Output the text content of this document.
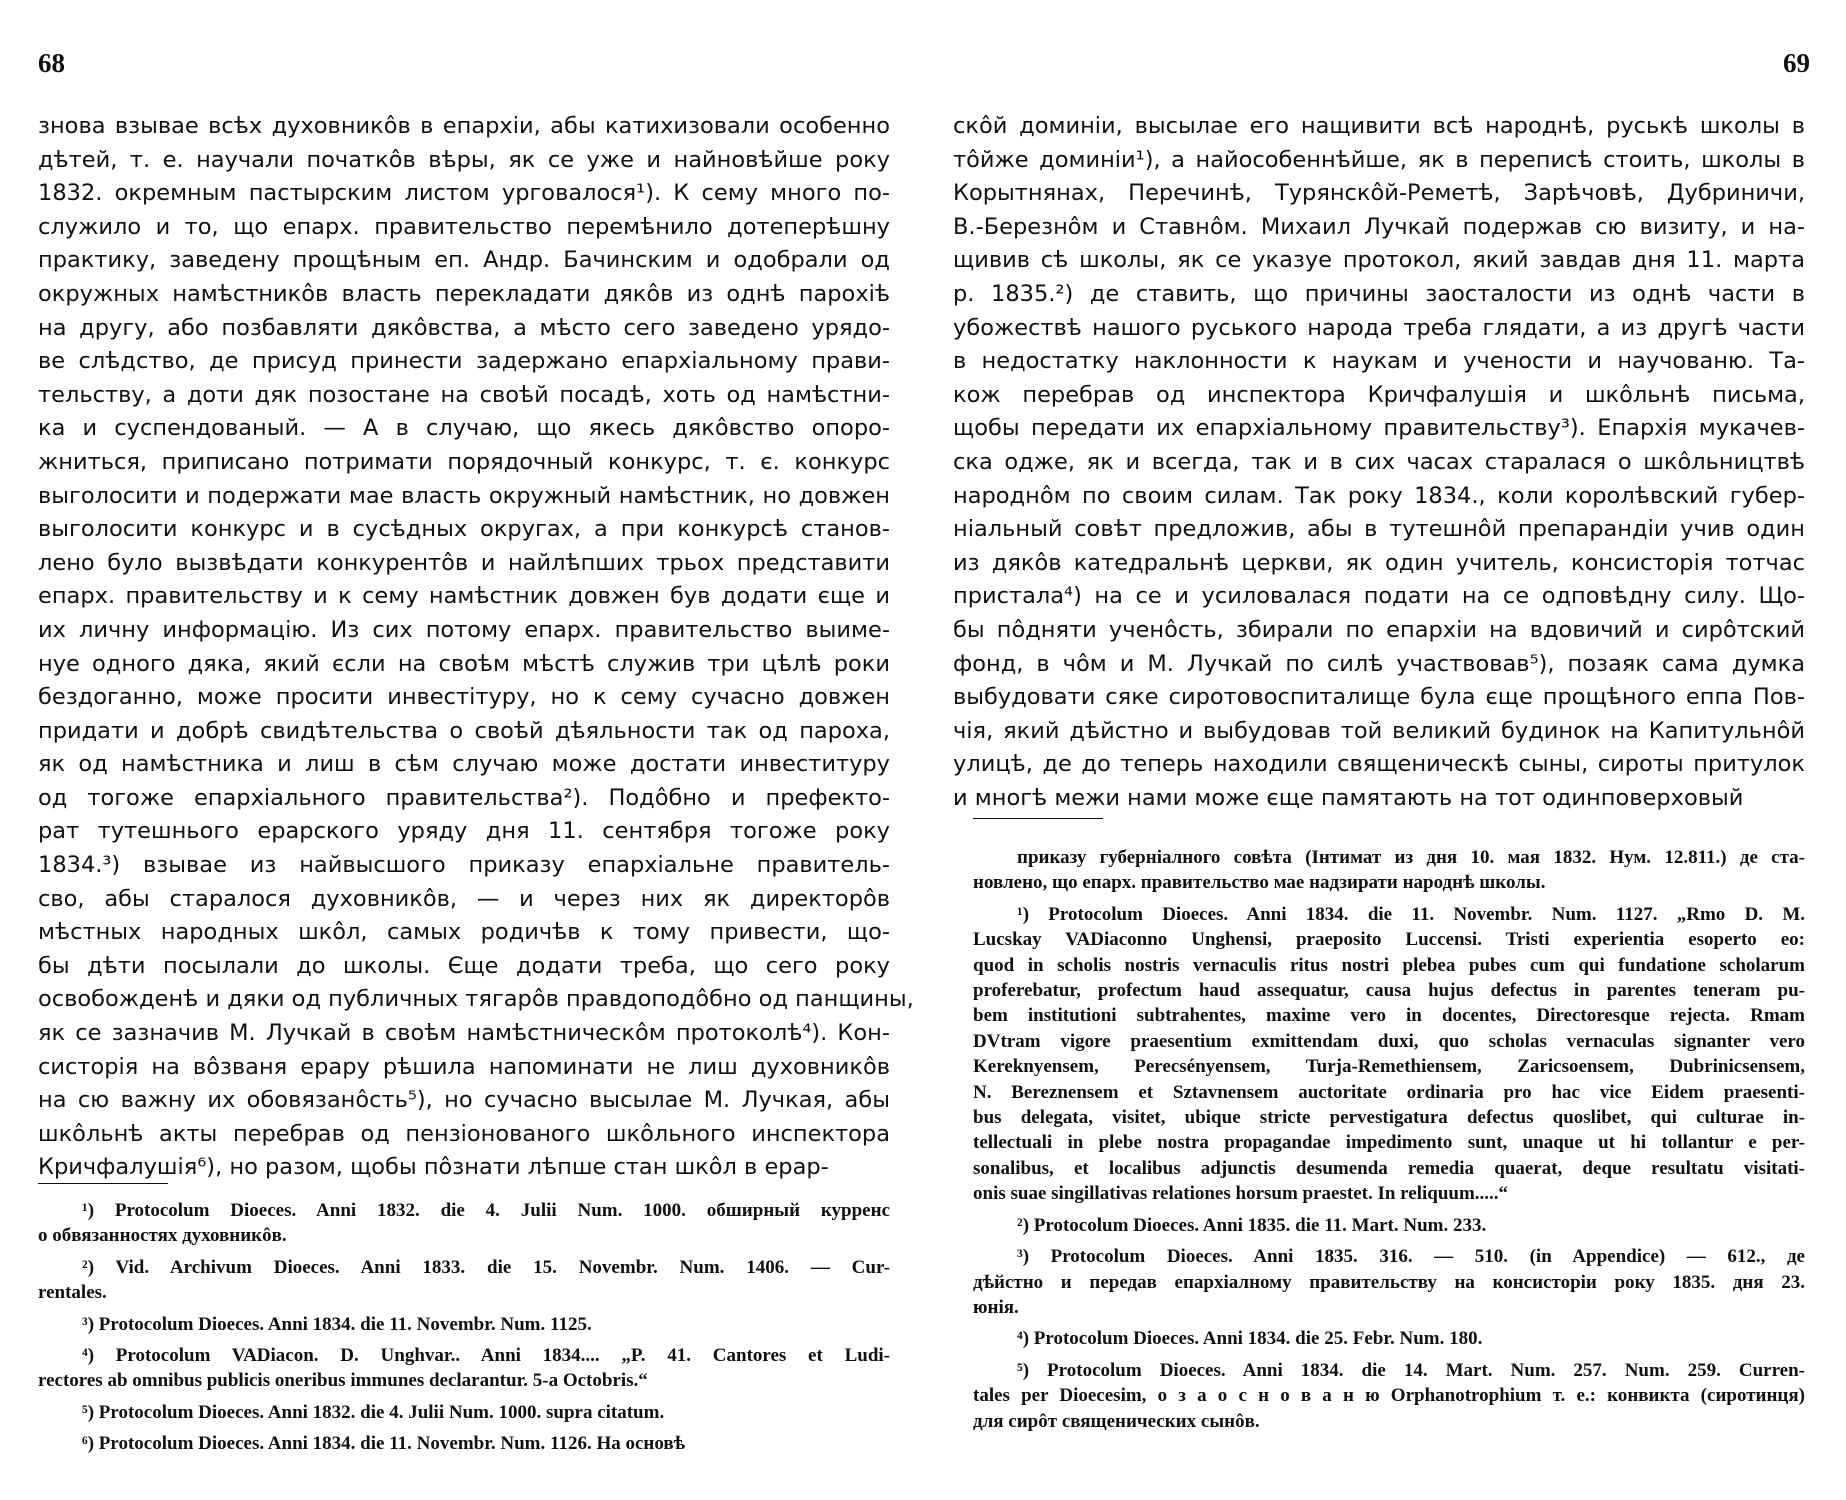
68
знова взывае всѣх духовникôв в епархіи, абы катихизовали особенно
дѣтей, т. е. научали початкôв вѣры, як се уже и найновѣйше року
1832. окремным пастырским листом урговалося¹). К сему много по-
служило и то, що епарх. правительство перемѣнило дотеперѣшну
практику, заведену прощѣным еп. Андр. Бачинским и одобрали од
окружных намѣстникôв власть перекладати дякôв из однѣ парохіѣ
на другу, або позбавляти дякôвства, а мѣсто сего заведено урядо-
ве слѣдство, де присуд принести задержано епархіальному прави-
тельству, а доти дяк позостане на своѣй посадѣ, хоть од намѣстни-
ка и суспендованый. — А в случаю, що якесь дякôвство опоро-
жниться, приписано потримати порядочный конкурс, т. є. конкурс
выголосити и подержати мае власть окружный намѣстник, но довжен
выголосити конкурс и в сусѣдных округах, а при конкурсѣ станов-
лено було вызвѣдати конкурентôв и найлѣпших трьох представити
епарх. правительству и к сему намѣстник довжен був додати єще и
их личну информацію. Из сих потому епарх. правительство выиме-
нуе одного дяка, який єсли на своѣм мѣстѣ служив три цѣлѣ роки
бездоганно, може просити инвестітуру, но к сему сучасно довжен
придати и добрѣ свидѣтельства о своѣй дѣяльности так од пароха,
як од намѣстника и лиш в сѣм случаю може достати инвеституру
од тогоже епархіального правительства²). Подôбно и префекто-
рат тутешнього ерарского уряду дня 11. сентября тогоже року
1834.³) взывае из найвысшого приказу епархіальне правитель-
сво, абы старалося духовникôв, — и через них як директорôв
мѣстных народных шкôл, самых родичѣв к тому привести, що-
бы дѣти посылали до школы. Єще додати треба, що сего року
освобожденѣ и дяки од публичных тягарôв правдоподôбно од панщины,
як се зазначив М. Лучкай в своѣм намѣстническôм протоколѣ⁴). Кон-
систорія на вôзваня ерару рѣшила напоминати не лиш духовникôв
на сю важну их обовязанôсть⁵), но сучасно высылае М. Лучкая, абы
шкôльнѣ акты перебрав од пензіонованого шкôльного инспектора
Кричфалушія⁶), но разом, щобы пôзнати лѣпше стан шкôл в ерар-
¹) Protocolum Dioeces. Anni 1832. die 4. Julii Num. 1000. обширный курренс
о обвязанностях духовникôв.
²) Vid. Archivum Dioeces. Anni 1833. die 15. Novembr. Num. 1406. — Cur-
rentales.
³) Protocolum Dioeces. Anni 1834. die 11. Novembr. Num. 1125.
⁴) Protocolum VADiacon. D. Unghvar.. Anni 1834.... „P. 41. Cantores et Ludi-
rectores ab omnibus publicis oneribus immunes declarantur. 5-a Octobris.“
⁵) Protocolum Dioeces. Anni 1832. die 4. Julii Num. 1000. supra citatum.
⁶) Protocolum Dioeces. Anni 1834. die 11. Novembr. Num. 1126. На основѣ
69
скôй доминіи, высылае его нащивити всѣ народнѣ, руськѣ школы в
тôйже доминіи¹), а найособеннѣйше, як в переписѣ стоить, школы в
Корытнянах, Перечинѣ, Турянскôй-Реметѣ, Зарѣчовѣ, Дубриничи,
В.-Березнôм и Ставнôм. Михаил Лучкай подержав сю визиту, и на-
щивив сѣ школы, як се указуе протокол, який завдав дня 11. марта
р. 1835.²) де ставить, що причины заосталости из однѣ части в
убожествѣ нашого руського народа треба глядати, а из другѣ части
в недостатку наклонности к наукам и учености и научованю. Та-
кож перебрав од инспектора Кричфалушія и шкôльнѣ письма,
щобы передати их епархіальному правительству³). Епархія мукачев-
ска одже, як и всегда, так и в сих часах старалася о шкôльництвѣ
народнôм по своим силам. Так року 1834., коли королѣвский губер-
ніальный совѣт предложив, абы в тутешнôй препарандіи учив один
из дякôв катедральнѣ церкви, як один учитель, консисторія тотчас
пристала⁴) на се и усиловалася подати на се одповѣдну силу. Що-
бы пôдняти ученôсть, збирали по епархіи на вдовичий и сирôтский
фонд, в чôм и М. Лучкай по силѣ участвовав⁵), позаяк сама думка
выбудовати сяке сиротовоспиталище була єще прощѣного еппа Пов-
чія, який дѣйстно и выбудовав той великий будинок на Капитульнôй
улицѣ, де до теперь находили священическѣ сыны, сироты притулок
и многѣ межи нами може єще памятають на тот одинповерховый
приказу губерніалного совѣта (Інтимат из дня 10. мая 1832. Нум. 12.811.) де ста-
новлено, що епарх. правительство мае надзирати народнѣ школы.
¹) Protocolum Dioeces. Anni 1834. die 11. Novembr. Num. 1127. „Rmo D. M.
Lucskay VADiaconno Unghensi, praeposito Luccensi. Tristi experientia esoperto eo:
quod in scholis nostris vernaculis ritus nostri plebea pubes cum qui fundatione scholarum
proferebatur, profectum haud assequatur, causa hujus defectus in parentes teneram pu-
bem institutioni subtrahentes, maxime vero in docentes, Directoresque rejecta. Rmam
DVtram vigore praesentium exmittendam duxi, quo scholas vernaculas signanter vero
Kereknyensem, Perecsényensem, Turja-Remethiensem, Zaricsoensem, Dubrinicsensem,
N. Bereznensem et Sztavnensem auctoritate ordinaria pro hac vice Eidem praesenti-
bus delegata, visitet, ubique stricte pervestigatura defectus quoslibet, qui culturae in-
tellectuali in plebe nostra propagandae impedimento sunt, unaque ut hi tollantur e per-
sonalibus, et localibus adjunctis desumenda remedia quaerat, deque resultatu visitati-
onis suae singillativas relationes horsum praestet. In reliquum.....“
²) Protocolum Dioeces. Anni 1835. die 11. Mart. Num. 233.
³) Protocolum Dioeces. Anni 1835. 316. — 510. (in Appendice) — 612., де
дѣйстно и передав епархіалному правительству на консисторіи року 1835. дня 23.
юнія.
⁴) Protocolum Dioeces. Anni 1834. die 25. Febr. Num. 180.
⁵) Protocolum Dioeces. Anni 1834. die 14. Mart. Num. 257. Num. 259. Curren-
tales per Dioecesim, о з а о с н о в а н ю Orphanotrophium т. е.: конвикта (сиротинця)
для сирôт священических сынôв.
